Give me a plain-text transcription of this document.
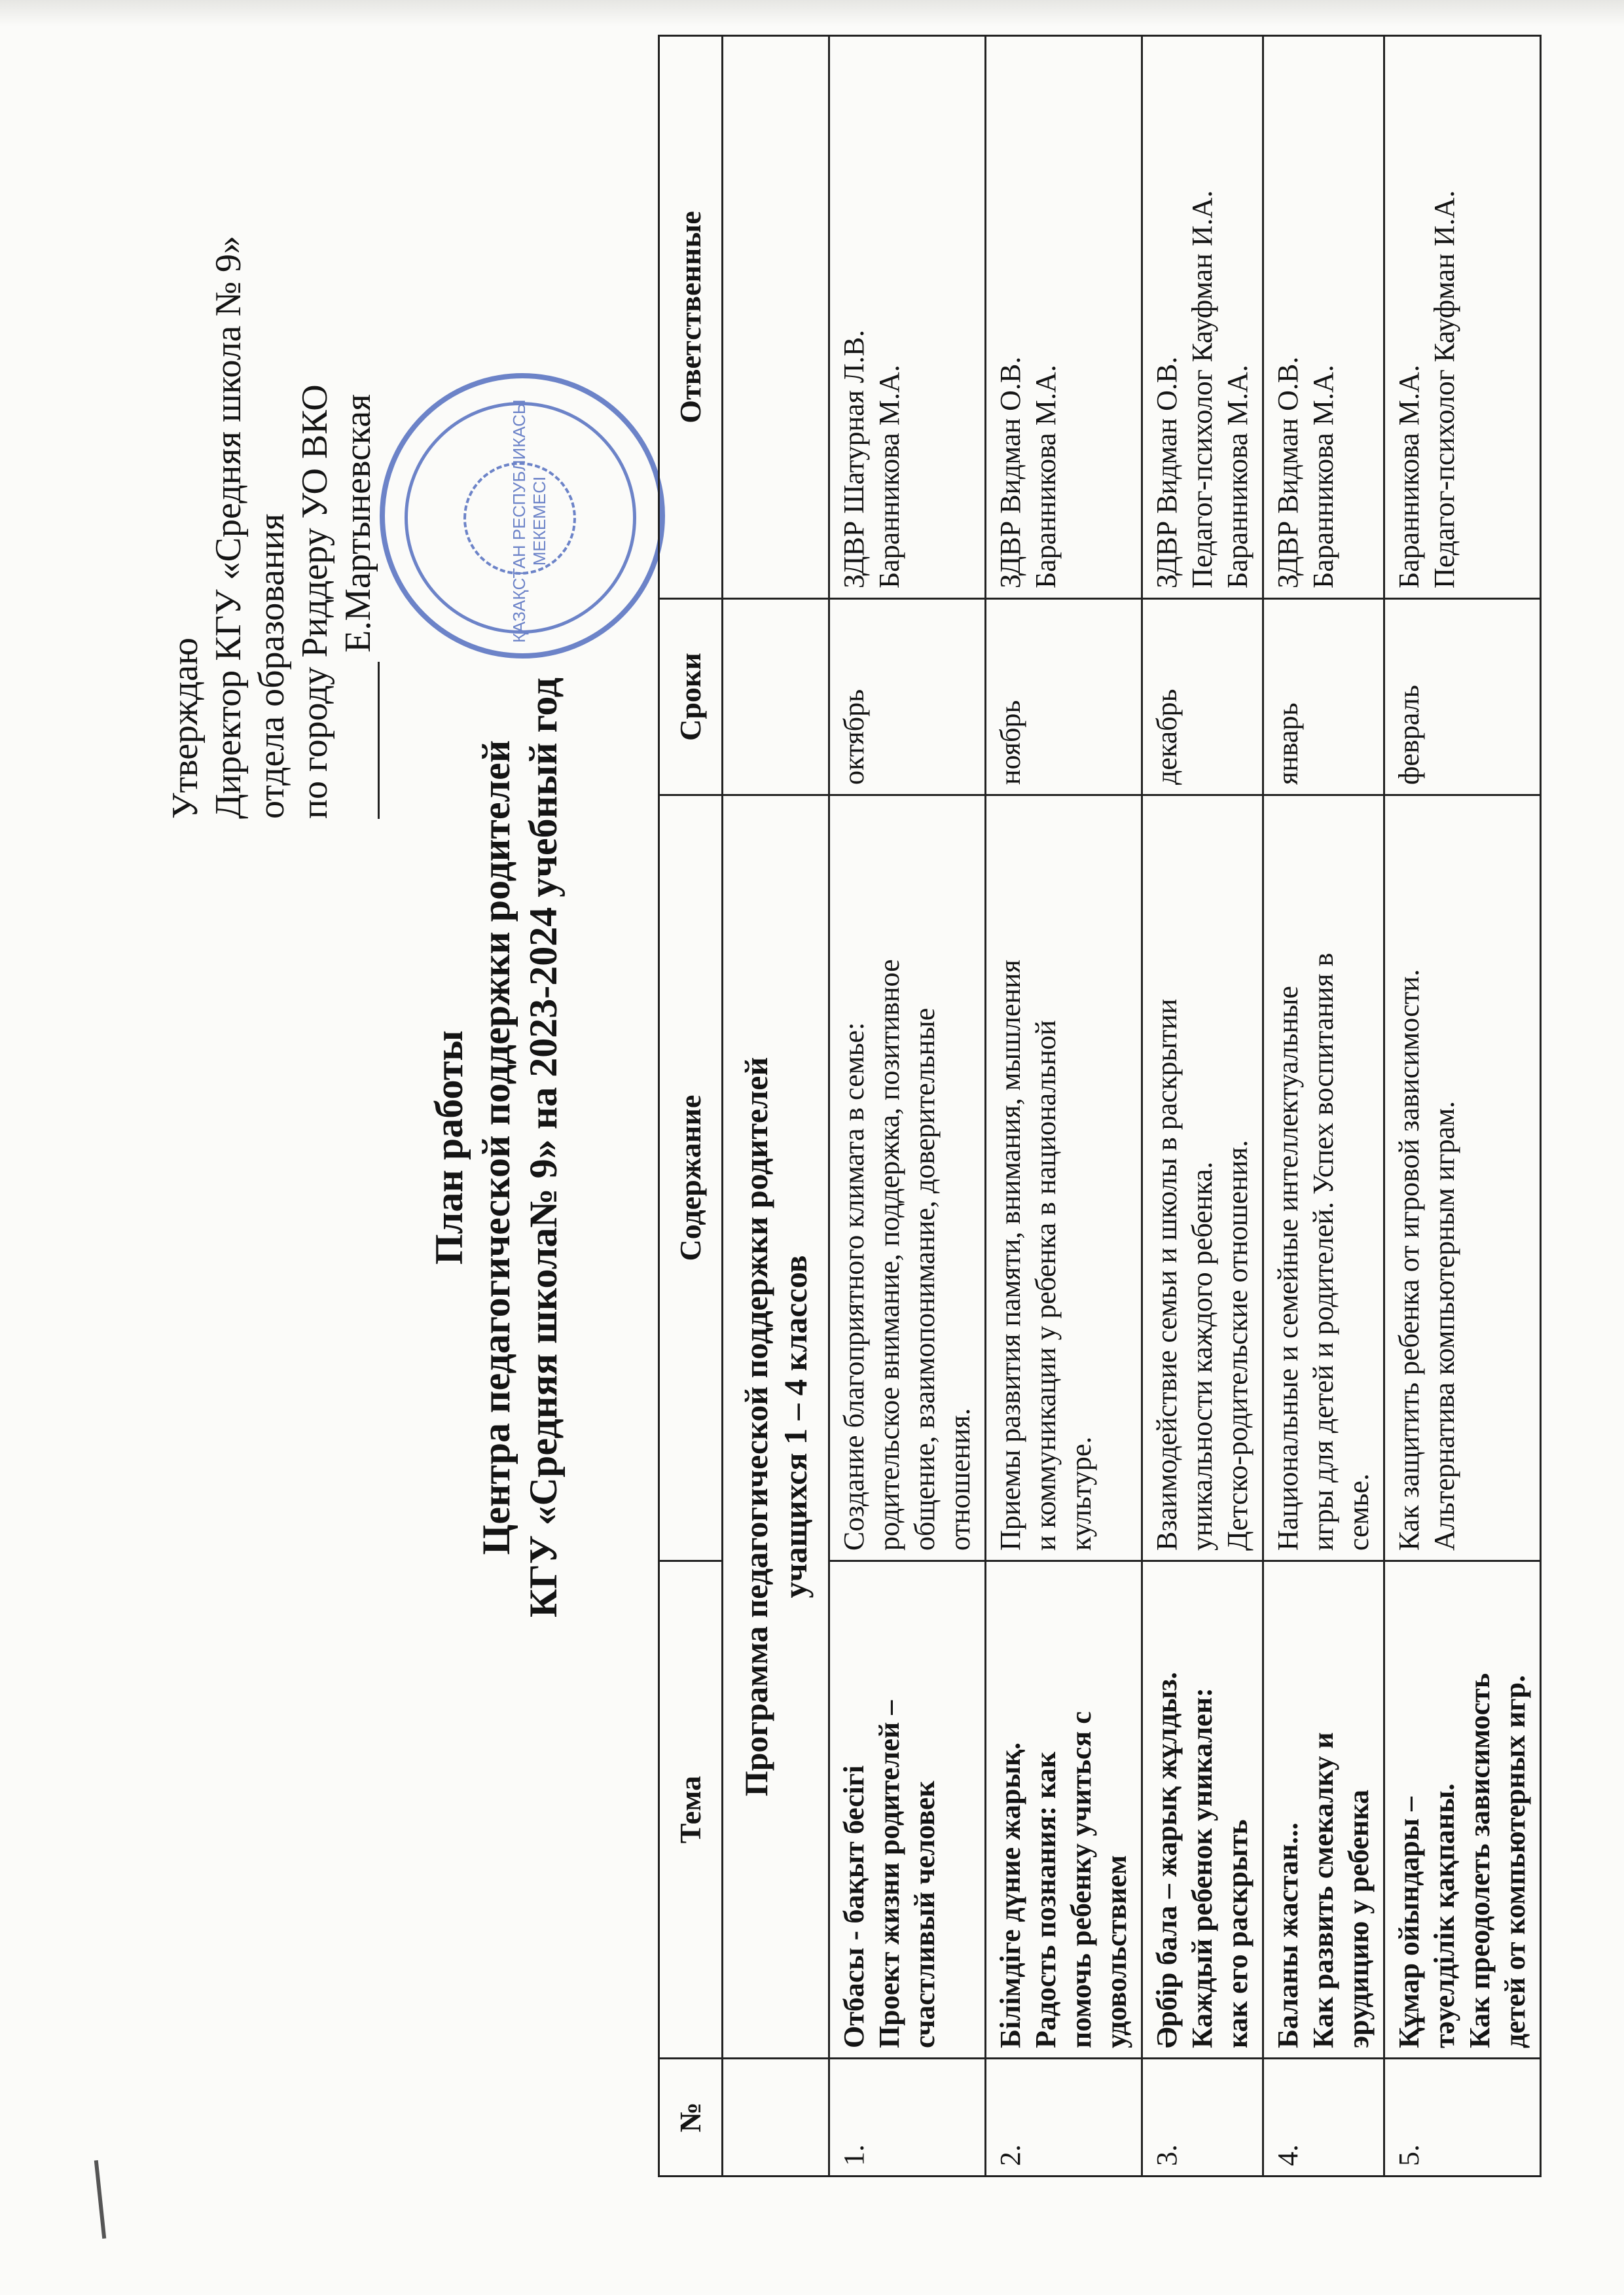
Утверждаю Директор КГУ «Средняя школа № 9» отдела образования по городу Риддеру УО ВКО Е.Мартыневская	ҚАЗАҚСТАН РЕСПУБЛИКАСЫ МЕКЕМЕСІ
План работы Центра педагогической поддержки родителей КГУ «Средняя школа№ 9» на 2023-2024 учебный год
№	Тема	Содержание	Сроки	Ответственные

	Программа педагогической поддержки родителей учащихся 1 – 4 классов			

1.	Отбасы - бақыт бесігі Проект жизни родителей – счастливый человек	Создание благоприятного климата в семье: родительское внимание, поддержка, позитивное общение, взаимопонимание, доверительные отношения.	октябрь	ЗДВР Шатурная Л.В. Баранникова М.А.

2.	Білімдіге дүние жарық. Радость познания: как помочь ребенку учиться с удовольствием	Приемы развития памяти, внимания, мышления и коммуникации у ребенка в национальной культуре.	ноябрь	ЗДВР Видман О.В. Баранникова М.А.

3.	Әрбір бала – жарық жұлдыз. Каждый ребенок уникален: как его раскрыть	Взаимодействие семьи и школы в раскрытии уникальности каждого ребенка. Детско-родительские отношения.	декабрь	ЗДВР Видман О.В. Педагог-психолог Кауфман И.А. Баранникова М.А.

4.	Баланы жастан... Как развить смекалку и эрудицию у ребенка	Национальные и семейные интеллектуальные игры для детей и родителей. Успех воспитания в семье.	январь	ЗДВР Видман О.В. Баранникова М.А.

5.	Құмар ойындары – тәуелділік қақпаны. Как преодолеть зависимость детей от компьютерных игр.	Как защитить ребенка от игровой зависимости. Альтернатива компьютерным играм.	февраль	Баранникова М.А. Педагог-психолог Кауфман И.А.
